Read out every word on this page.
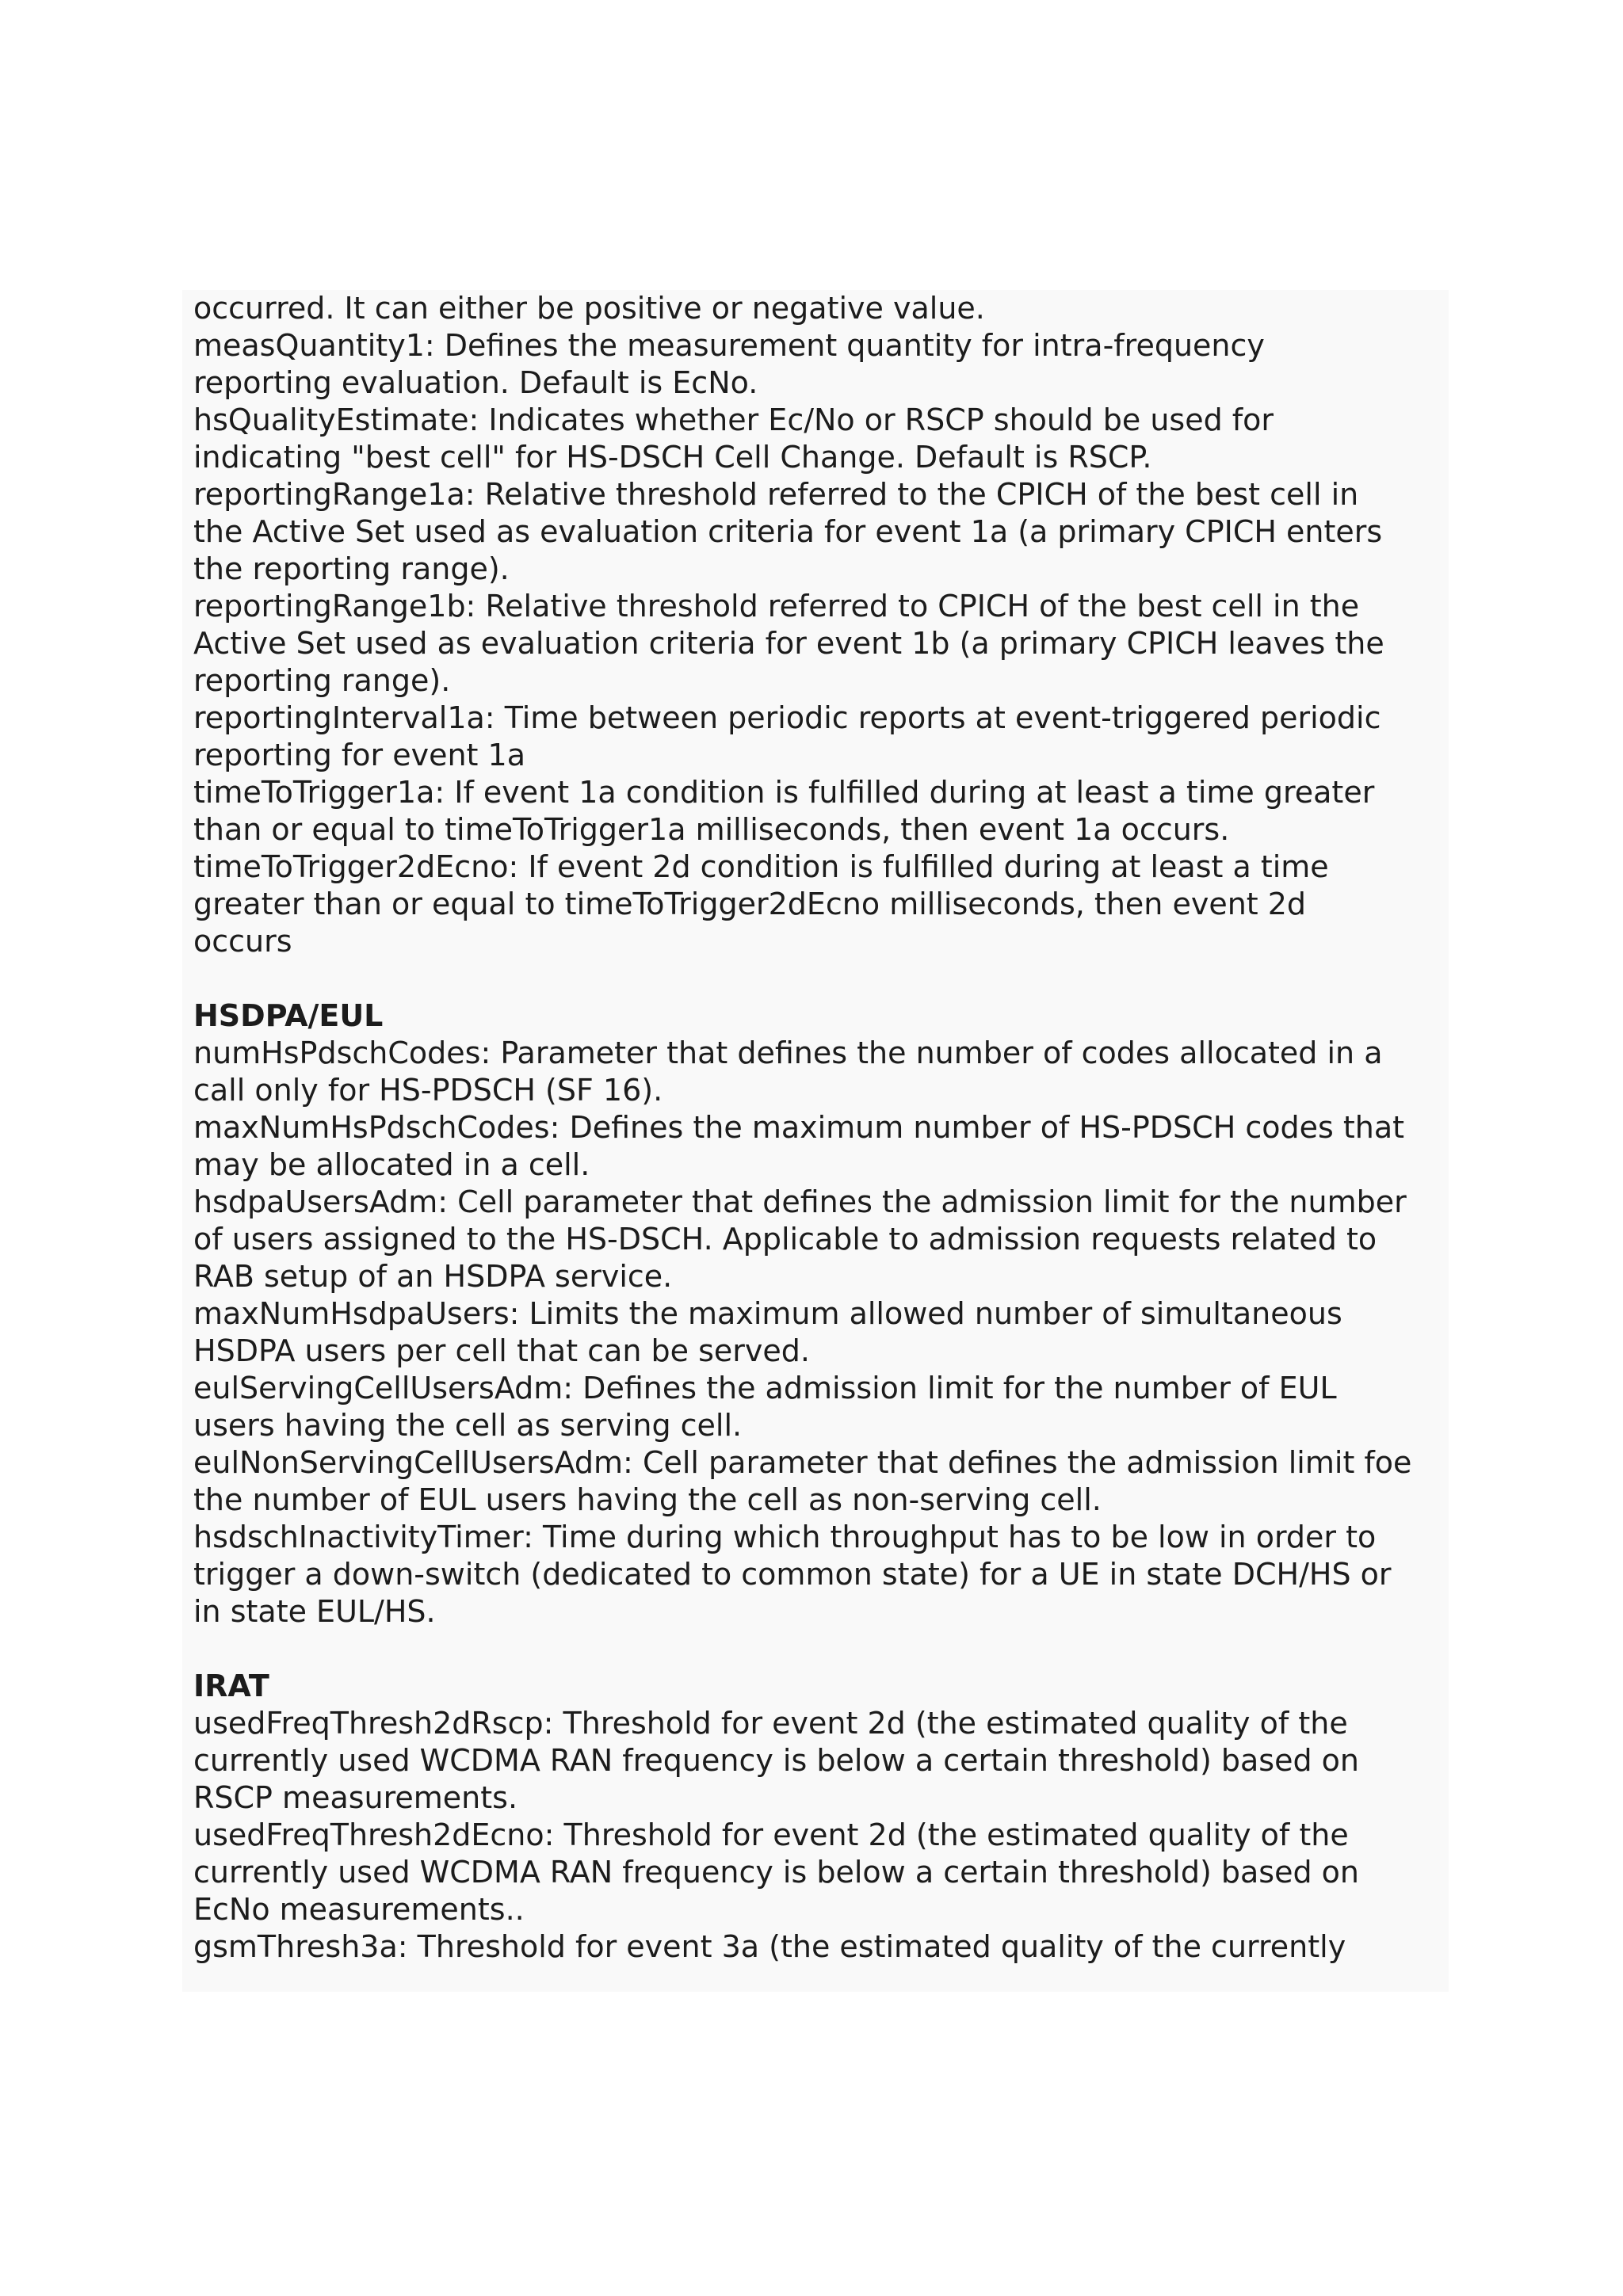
occurred. It can either be positive or negative value.
measQuantity1: Defines the measurement quantity for intra-frequency
reporting evaluation. Default is EcNo.
hsQualityEstimate: Indicates whether Ec/No or RSCP should be used for
indicating "best cell" for HS-DSCH Cell Change. Default is RSCP.
reportingRange1a: Relative threshold referred to the CPICH of the best cell in
the Active Set used as evaluation criteria for event 1a (a primary CPICH enters
the reporting range).
reportingRange1b: Relative threshold referred to CPICH of the best cell in the
Active Set used as evaluation criteria for event 1b (a primary CPICH leaves the
reporting range).
reportingInterval1a: Time between periodic reports at event-triggered periodic
reporting for event 1a
timeToTrigger1a: If event 1a condition is fulfilled during at least a time greater
than or equal to timeToTrigger1a milliseconds, then event 1a occurs.
timeToTrigger2dEcno: If event 2d condition is fulfilled during at least a time
greater than or equal to timeToTrigger2dEcno milliseconds, then event 2d
occurs
HSDPA/EUL
numHsPdschCodes: Parameter that defines the number of codes allocated in a
call only for HS-PDSCH (SF 16).
maxNumHsPdschCodes: Defines the maximum number of HS-PDSCH codes that
may be allocated in a cell.
hsdpaUsersAdm: Cell parameter that defines the admission limit for the number
of users assigned to the HS-DSCH. Applicable to admission requests related to
RAB setup of an HSDPA service.
maxNumHsdpaUsers: Limits the maximum allowed number of simultaneous
HSDPA users per cell that can be served.
eulServingCellUsersAdm: Defines the admission limit for the number of EUL
users having the cell as serving cell.
eulNonServingCellUsersAdm: Cell parameter that defines the admission limit foe
the number of EUL users having the cell as non-serving cell.
hsdschInactivityTimer: Time during which throughput has to be low in order to
trigger a down-switch (dedicated to common state) for a UE in state DCH/HS or
in state EUL/HS.
IRAT
usedFreqThresh2dRscp: Threshold for event 2d (the estimated quality of the
currently used WCDMA RAN frequency is below a certain threshold) based on
RSCP measurements.
usedFreqThresh2dEcno: Threshold for event 2d (the estimated quality of the
currently used WCDMA RAN frequency is below a certain threshold) based on
EcNo measurements..
gsmThresh3a: Threshold for event 3a (the estimated quality of the currently
